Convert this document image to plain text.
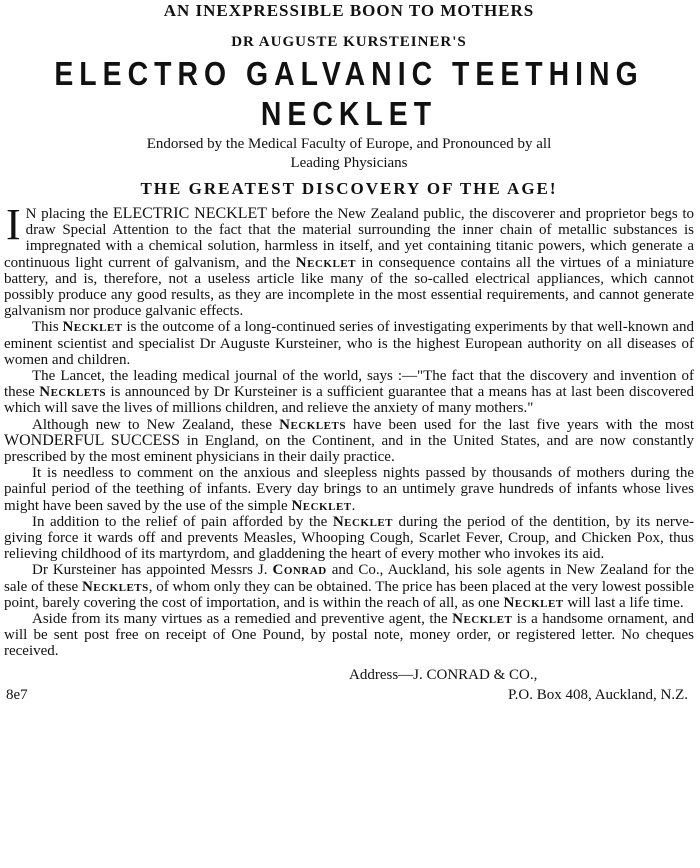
AN INEXPRESSIBLE BOON TO MOTHERS
DR AUGUSTE KURSTEINER'S
ELECTRO GALVANIC TEETHING NECKLET
Endorsed by the Medical Faculty of Europe, and Pronounced by all
Leading Physicians
THE GREATEST DISCOVERY OF THE AGE!

I N placing the ELECTRIC NECKLET before the New Zealand public, the discoverer and proprietor begs to draw Special Attention to the fact that the material surrounding the inner chain of metallic substances is impregnated with a chemical solution, harmless in itself, and yet containing titanic powers, which generate a continuous light current of galvanism, and the Necklet in consequence contains all the virtues of a miniature battery, and is, therefore, not a useless article like many of the so-called electrical appliances, which cannot possibly produce any good results, as they are incomplete in the most essential requirements, and cannot generate galvanism nor produce galvanic effects.

This Necklet is the outcome of a long-continued series of investigating experiments by that well-known and eminent scientist and specialist Dr Auguste Kursteiner, who is the highest European authority on all diseases of women and children.

The Lancet, the leading medical journal of the world, says :—"The fact that the discovery and invention of these Necklets is announced by Dr Kursteiner is a sufficient guarantee that a means has at last been discovered which will save the lives of millions children, and relieve the anxiety of many mothers."

Although new to New Zealand, these Necklets have been used for the last five years with the most WONDERFUL SUCCESS in England, on the Continent, and in the United States, and are now constantly prescribed by the most eminent physicians in their daily practice.

It is needless to comment on the anxious and sleepless nights passed by thousands of mothers during the painful period of the teething of infants. Every day brings to an untimely grave hundreds of infants whose lives might have been saved by the use of the simple Necklet.

In addition to the relief of pain afforded by the Necklet during the period of the dentition, by its nerve-giving force it wards off and prevents Measles, Whooping Cough, Scarlet Fever, Croup, and Chicken Pox, thus relieving childhood of its martyrdom, and gladdening the heart of every mother who invokes its aid.

Dr Kursteiner has appointed Messrs J. Conrad and Co., Auckland, his sole agents in New Zealand for the sale of these Necklets, of whom only they can be obtained. The price has been placed at the very lowest possible point, barely covering the cost of importation, and is within the reach of all, as one Necklet will last a life time.

Aside from its many virtues as a remedied and preventive agent, the Necklet is a handsome ornament, and will be sent post free on receipt of One Pound, by postal note, money order, or registered letter. No cheques received.

Address—J. CONRAD & CO.,
8e7	P.O. Box 408, Auckland, N.Z.
